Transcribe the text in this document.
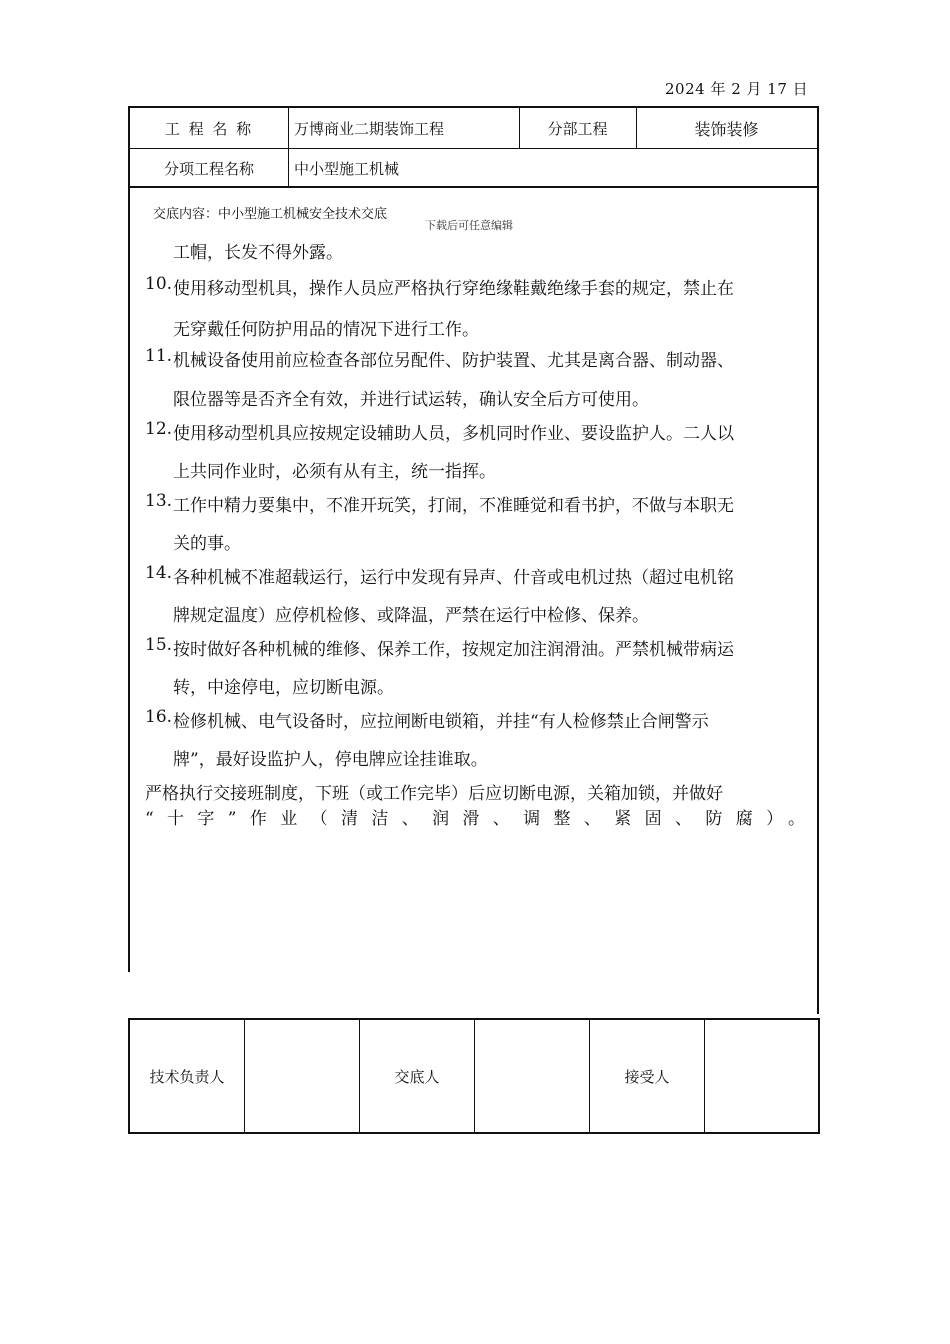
2024 年 2 月 17 日
工 程 名 称	万博商业二期装饰工程	分部工程	装饰装修
分项工程名称	中小型施工机械
交底内容：中小型施工机械安全技术交底
下载后可任意编辑
工帽，长发不得外露。
10. 使用移动型机具，操作人员应严格执行穿绝缘鞋戴绝缘手套的规定，禁止在
无穿戴任何防护用品的情况下进行工作。
11. 机械设备使用前应检查各部位另配件、防护装置、尤其是离合器、制动器、
限位器等是否齐全有效，并进行试运转，确认安全后方可使用。
12. 使用移动型机具应按规定设辅助人员，多机同时作业、要设监护人。二人以
上共同作业时，必须有从有主，统一指挥。
13. 工作中精力要集中，不准开玩笑，打闹，不准睡觉和看书护，不做与本职无
关的事。
14. 各种机械不准超载运行，运行中发现有异声、什音或电机过热（超过电机铭
牌规定温度）应停机检修、或降温，严禁在运行中检修、保养。
15. 按时做好各种机械的维修、保养工作，按规定加注润滑油。严禁机械带病运
转，中途停电，应切断电源。
16. 检修机械、电气设备时，应拉闸断电锁箱，并挂“有人检修禁止合闸警示
牌”，最好设监护人，停电牌应诠挂谁取。
严格执行交接班制度，下班（或工作完毕）后应切断电源，关箱加锁，并做好
“十字”作业（清洁、润滑、调整、紧固、防腐）。
技术负责人	交底人	接受人
